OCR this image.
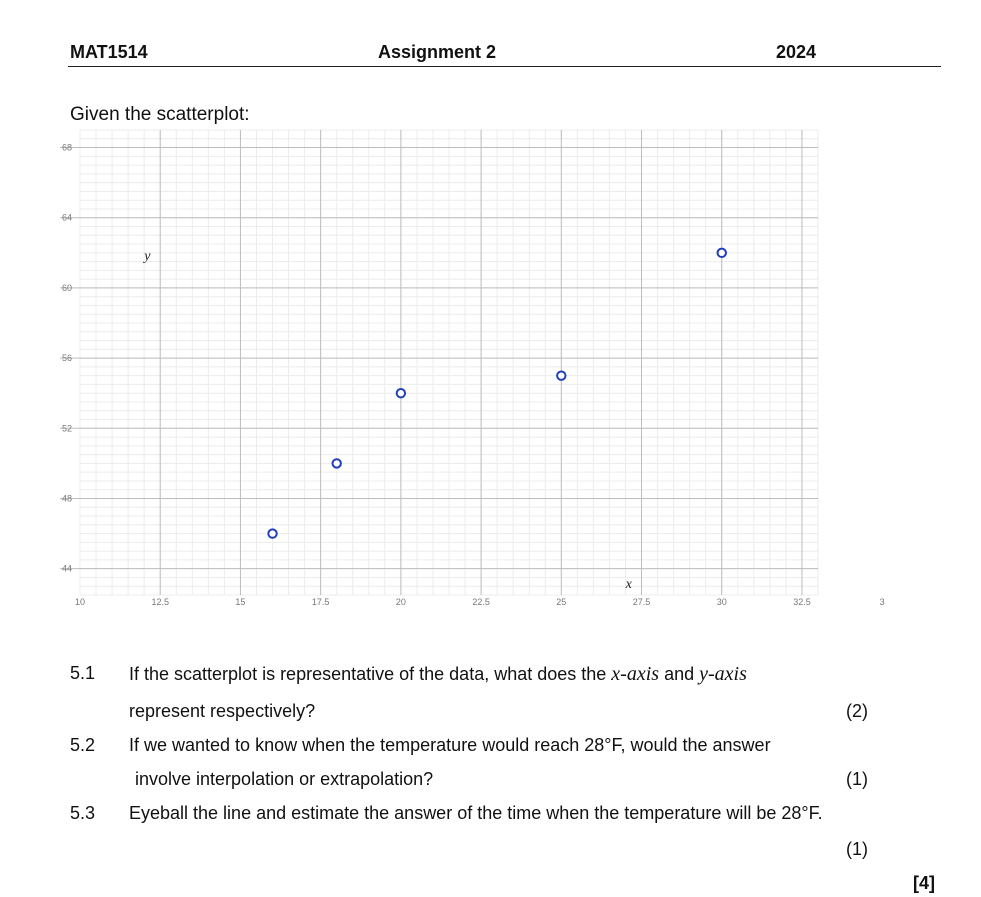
MAT1514	Assignment 2	2024
Given the scatterplot:
44
48
52
56
60
64
68
10	12.5	15	17.5	20	22.5	25	27.5	30	32.5	3
x
y
5.1 If the scatterplot is representative of the data, what does the x-axis and y-axis
represent respectively?	(2)
5.2 If we wanted to know when the temperature would reach 28°F, would the answer
involve interpolation or extrapolation?	(1)
5.3 Eyeball the line and estimate the answer of the time when the temperature will be 28°F.
(1)
[4]
